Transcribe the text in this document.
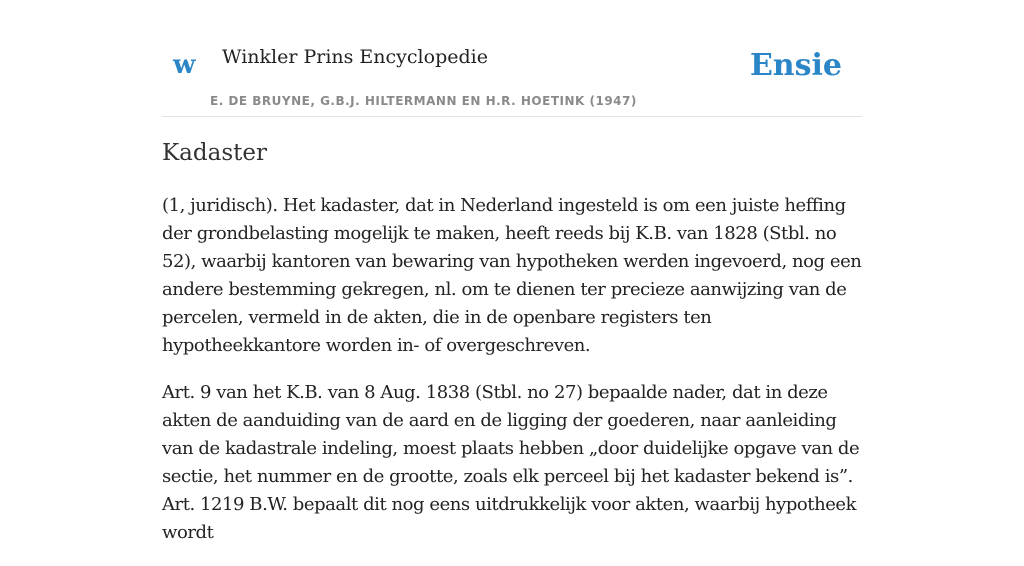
w Winkler Prins Encyclopedie
E. DE BRUYNE, G.B.J. HILTERMANN EN H.R. HOETINK (1947)
Ensie
Kadaster

(1, juridisch). Het kadaster, dat in Nederland ingesteld is om een juiste heffing der grondbelasting mogelijk te maken, heeft reeds bij K.B. van 1828 (Stbl. no 52), waarbij kantoren van bewaring van hypotheken werden ingevoerd, nog een andere bestemming gekregen, nl. om te dienen ter precieze aanwijzing van de percelen, vermeld in de akten, die in de openbare registers ten hypotheekkantore worden in- of overgeschreven.

Art. 9 van het K.B. van 8 Aug. 1838 (Stbl. no 27) bepaalde nader, dat in deze akten de aanduiding van de aard en de ligging der goederen, naar aanleiding van de kadastrale indeling, moest plaats hebben „door duidelijke opgave van de sectie, het nummer en de grootte, zoals elk perceel bij het kadaster bekend is”. Art. 1219 B.W. bepaalt dit nog eens uitdrukkelijk voor akten, waarbij hypotheek wordt
